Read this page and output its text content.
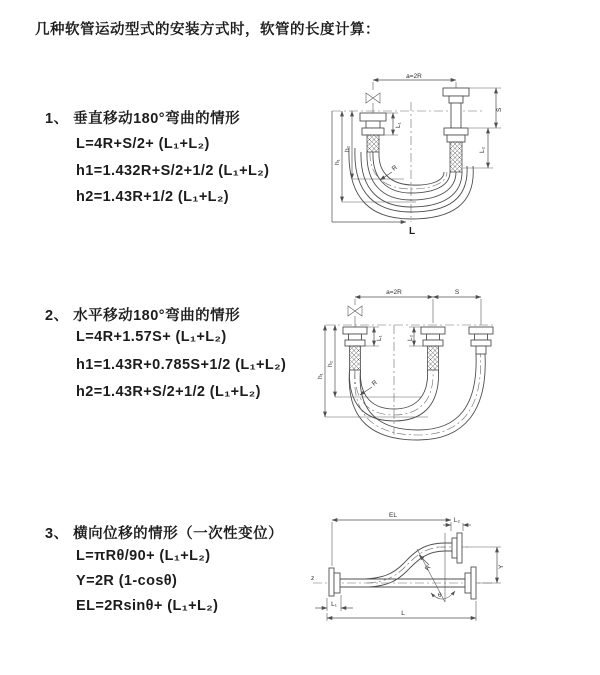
几种软管运动型式的安装方式时，软管的长度计算：
1、 垂直移动180°弯曲的情形
L=4R+S/2+ (L₁+L₂)
h1=1.432R+S/2+1/2 (L₁+L₂)
h2=1.43R+1/2 (L₁+L₂)
2、 水平移动180°弯曲的情形
L=4R+1.57S+ (L₁+L₂)
h1=1.43R+0.785S+1/2 (L₁+L₂)
h2=1.43R+S/2+1/2 (L₁+L₂)
3、 横向位移的情形（一次性变位）
L=πRθ/90+ (L₁+L₂)
Y=2R (1-cosθ)
EL=2Rsinθ+ (L₁+L₂)
a=2R
h₁
h₂
L
S
L₂
L₁
R
a=2R	S
h₁
h₂
L₁	L₂
R
z
EL
L₂
θ
R	Y
L₁
L
